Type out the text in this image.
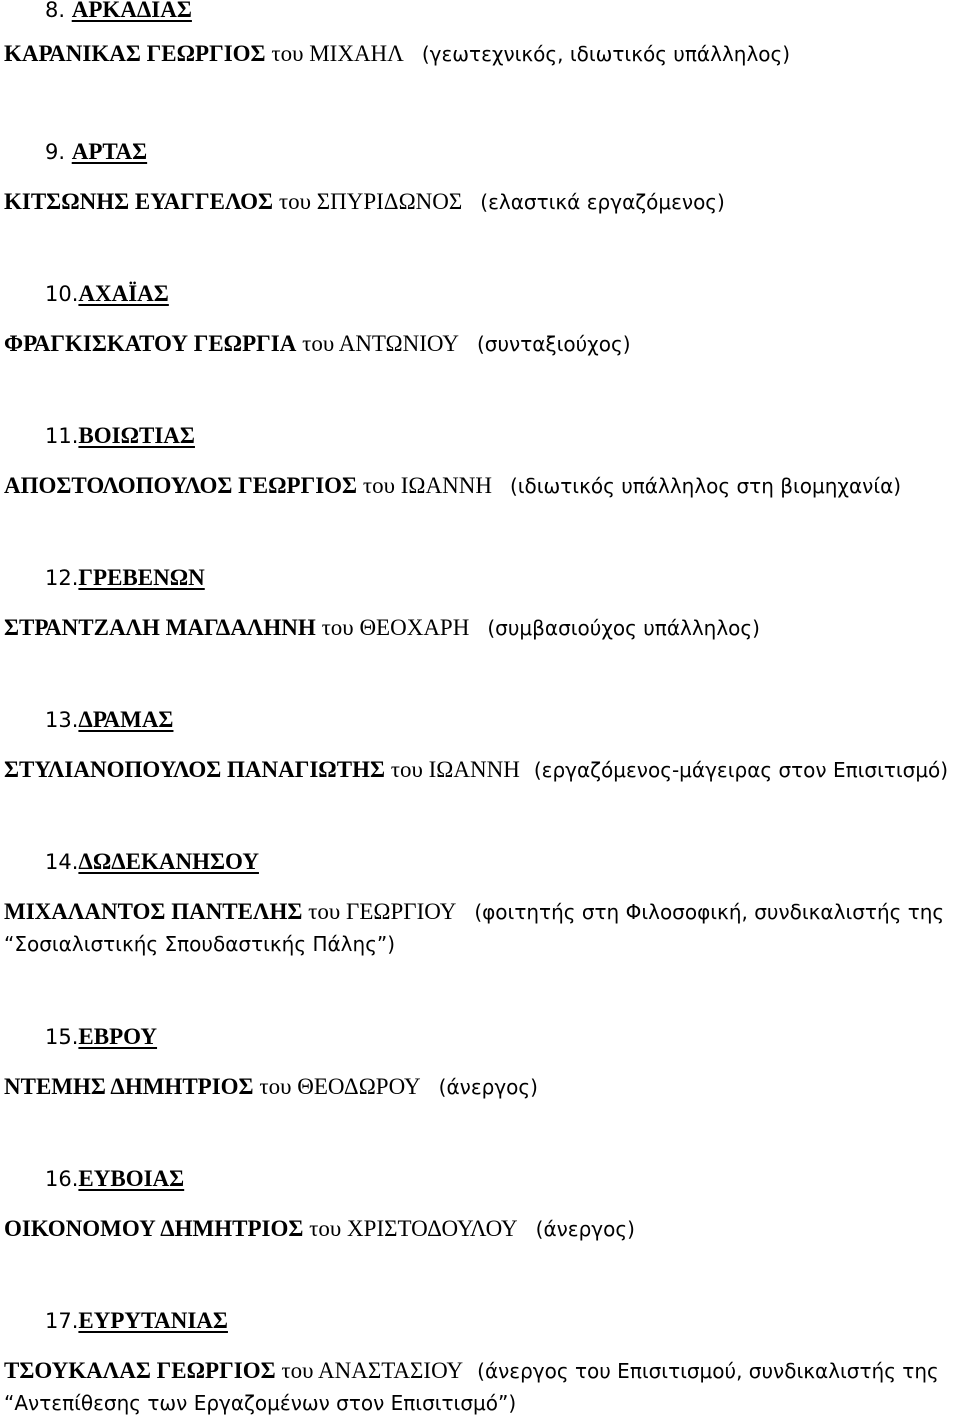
8. ΑΡΚΑΔΙΑΣ
ΚΑΡΑΝΙΚΑΣ ΓΕΩΡΓΙΟΣ του ΜΙΧΑΗΛ (γεωτεχνικός, ιδιωτικός υπάλληλος)
9. ΑΡΤΑΣ
ΚΙΤΣΩΝΗΣ ΕΥΑΓΓΕΛΟΣ του ΣΠΥΡΙΔΩΝΟΣ (ελαστικά εργαζόμενος)
10.ΑΧΑΪΑΣ
ΦΡΑΓΚΙΣΚΑΤΟΥ ΓΕΩΡΓΙΑ του ΑΝΤΩΝΙΟΥ (συνταξιούχος)
11.ΒΟΙΩΤΙΑΣ
ΑΠΟΣΤΟΛΟΠΟΥΛΟΣ ΓΕΩΡΓΙΟΣ του ΙΩΑΝΝΗ (ιδιωτικός υπάλληλος στη βιομηχανία)
12.ΓΡΕΒΕΝΩΝ
ΣΤΡΑΝΤΖΑΛΗ ΜΑΓΔΑΛΗΝΗ του ΘΕΟΧΑΡΗ (συμβασιούχος υπάλληλος)
13.ΔΡΑΜΑΣ
ΣΤΥΛΙΑΝΟΠΟΥΛΟΣ ΠΑΝΑΓΙΩΤΗΣ του ΙΩΑΝΝΗ (εργαζόμενος-μάγειρας στον Επισιτισμό)
14.ΔΩΔΕΚΑΝΗΣΟΥ
ΜΙΧΑΛΑΝΤΟΣ ΠΑΝΤΕΛΗΣ του ΓΕΩΡΓΙΟΥ (φοιτητής στη Φιλοσοφική, συνδικαλιστής της “Σοσιαλιστικής Σπουδαστικής Πάλης”)
15.ΕΒΡΟΥ
ΝΤΕΜΗΣ ΔΗΜΗΤΡΙΟΣ του ΘΕΟΔΩΡΟΥ (άνεργος)
16.ΕΥΒΟΙΑΣ
ΟΙΚΟΝΟΜΟΥ ΔΗΜΗΤΡΙΟΣ του ΧΡΙΣΤΟΔΟΥΛΟΥ (άνεργος)
17.ΕΥΡΥΤΑΝΙΑΣ
ΤΣΟΥΚΑΛΑΣ ΓΕΩΡΓΙΟΣ του ΑΝΑΣΤΑΣΙΟΥ (άνεργος του Επισιτισμού, συνδικαλιστής της “Αντεπίθεσης των Εργαζομένων στον Επισιτισμό”)
